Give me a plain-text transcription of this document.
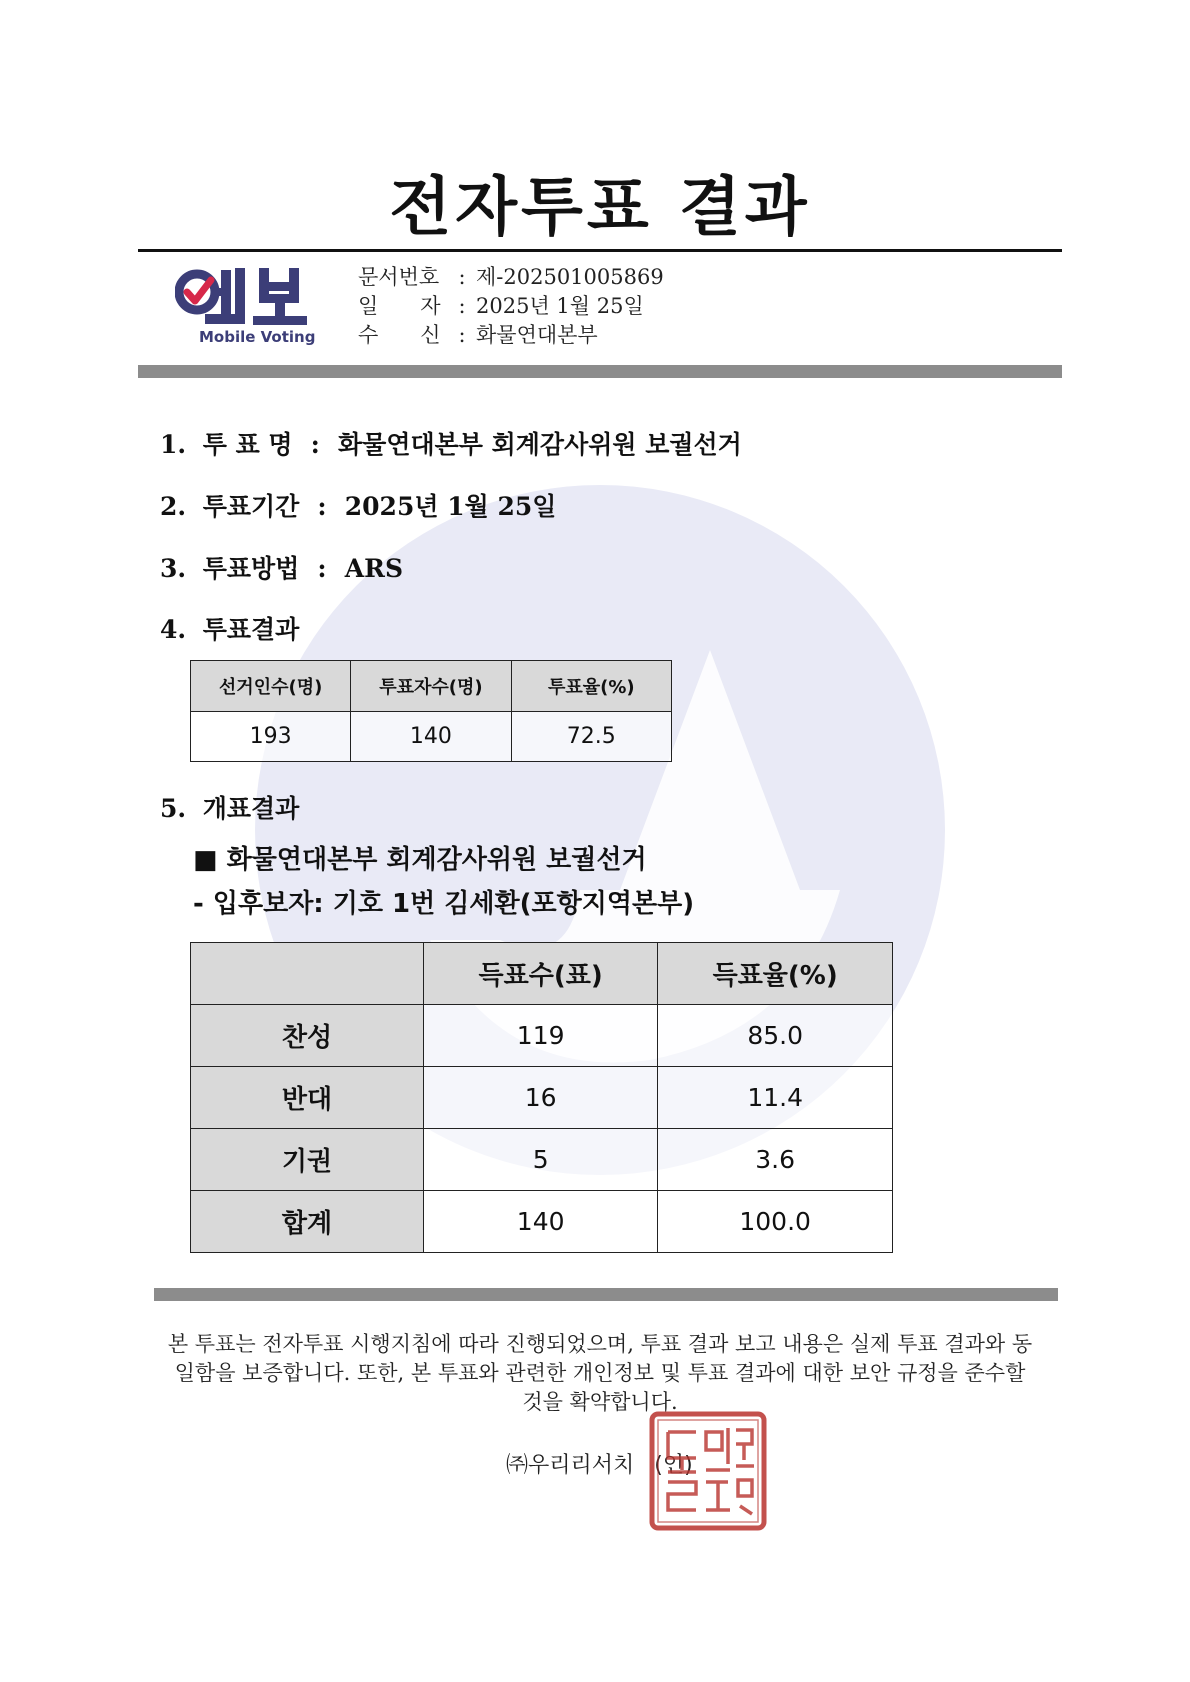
전자투표 결과
Mobile Voting
문서번호 : 제-202501005869
일　　자 : 2025년 1월 25일
수　　신 : 화물연대본부
1. 투 표 명 : 화물연대본부 회계감사위원 보궐선거
2. 투표기간 : 2025년 1월 25일
3. 투표방법 : ARS
4. 투표결과
선거인수(명)	투표자수(명)	투표율(%)
193	140	72.5
5. 개표결과
■ 화물연대본부 회계감사위원 보궐선거
- 입후보자: 기호 1번 김세환(포항지역본부)
	득표수(표)	득표율(%)
찬성	119	85.0
반대	16	11.4
기권	5	3.6
합계	140	100.0
본 투표는 전자투표 시행지침에 따라 진행되었으며, 투표 결과 보고 내용은 실제 투표 결과와 동일함을 보증합니다. 또한, 본 투표와 관련한 개인정보 및 투표 결과에 대한 보안 규정을 준수할 것을 확약합니다.
㈜우리리서치 (인)
